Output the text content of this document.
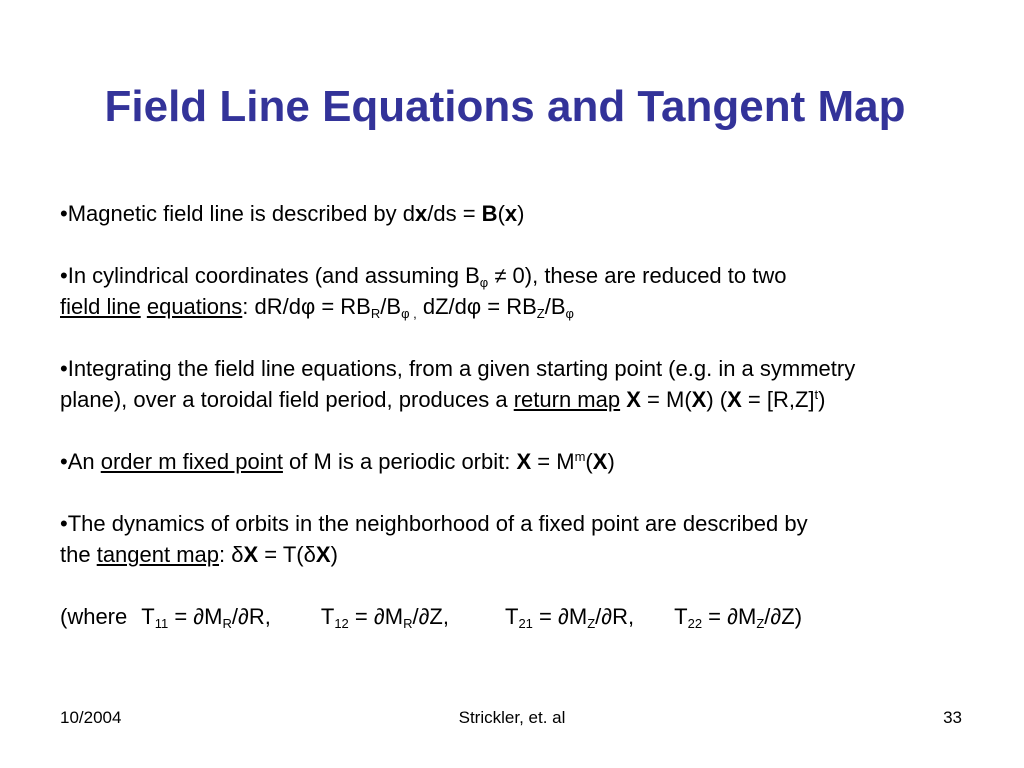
Field Line Equations and Tangent Map

•Magnetic field line is described by dx/ds = B(x)

•In cylindrical coordinates (and assuming $B_\varphi \ne 0$), these are reduced to two
field line equations: $dR/d\varphi = RB_R/B_{\varphi ,}$ $dZ/d\varphi = RB_Z/B_\varphi$

•Integrating the field line equations, from a given starting point (e.g. in a symmetry
plane), over a toroidal field period, produces a return map X = M(X) $(X = [R,Z]^t)$

•An order m fixed point of M is a periodic orbit: $X = M^m(X)$

•The dynamics of orbits in the neighborhood of a fixed point are described by
the tangent map: δX = T(δX)

(where $T_{11} = \partial M_R/\partial R$, $T_{12} = \partial M_R/\partial Z$,	$T_{21} = \partial M_Z/\partial R$, $T_{22} = \partial M_Z/\partial Z$)

10/2004	Strickler, et. al	33
